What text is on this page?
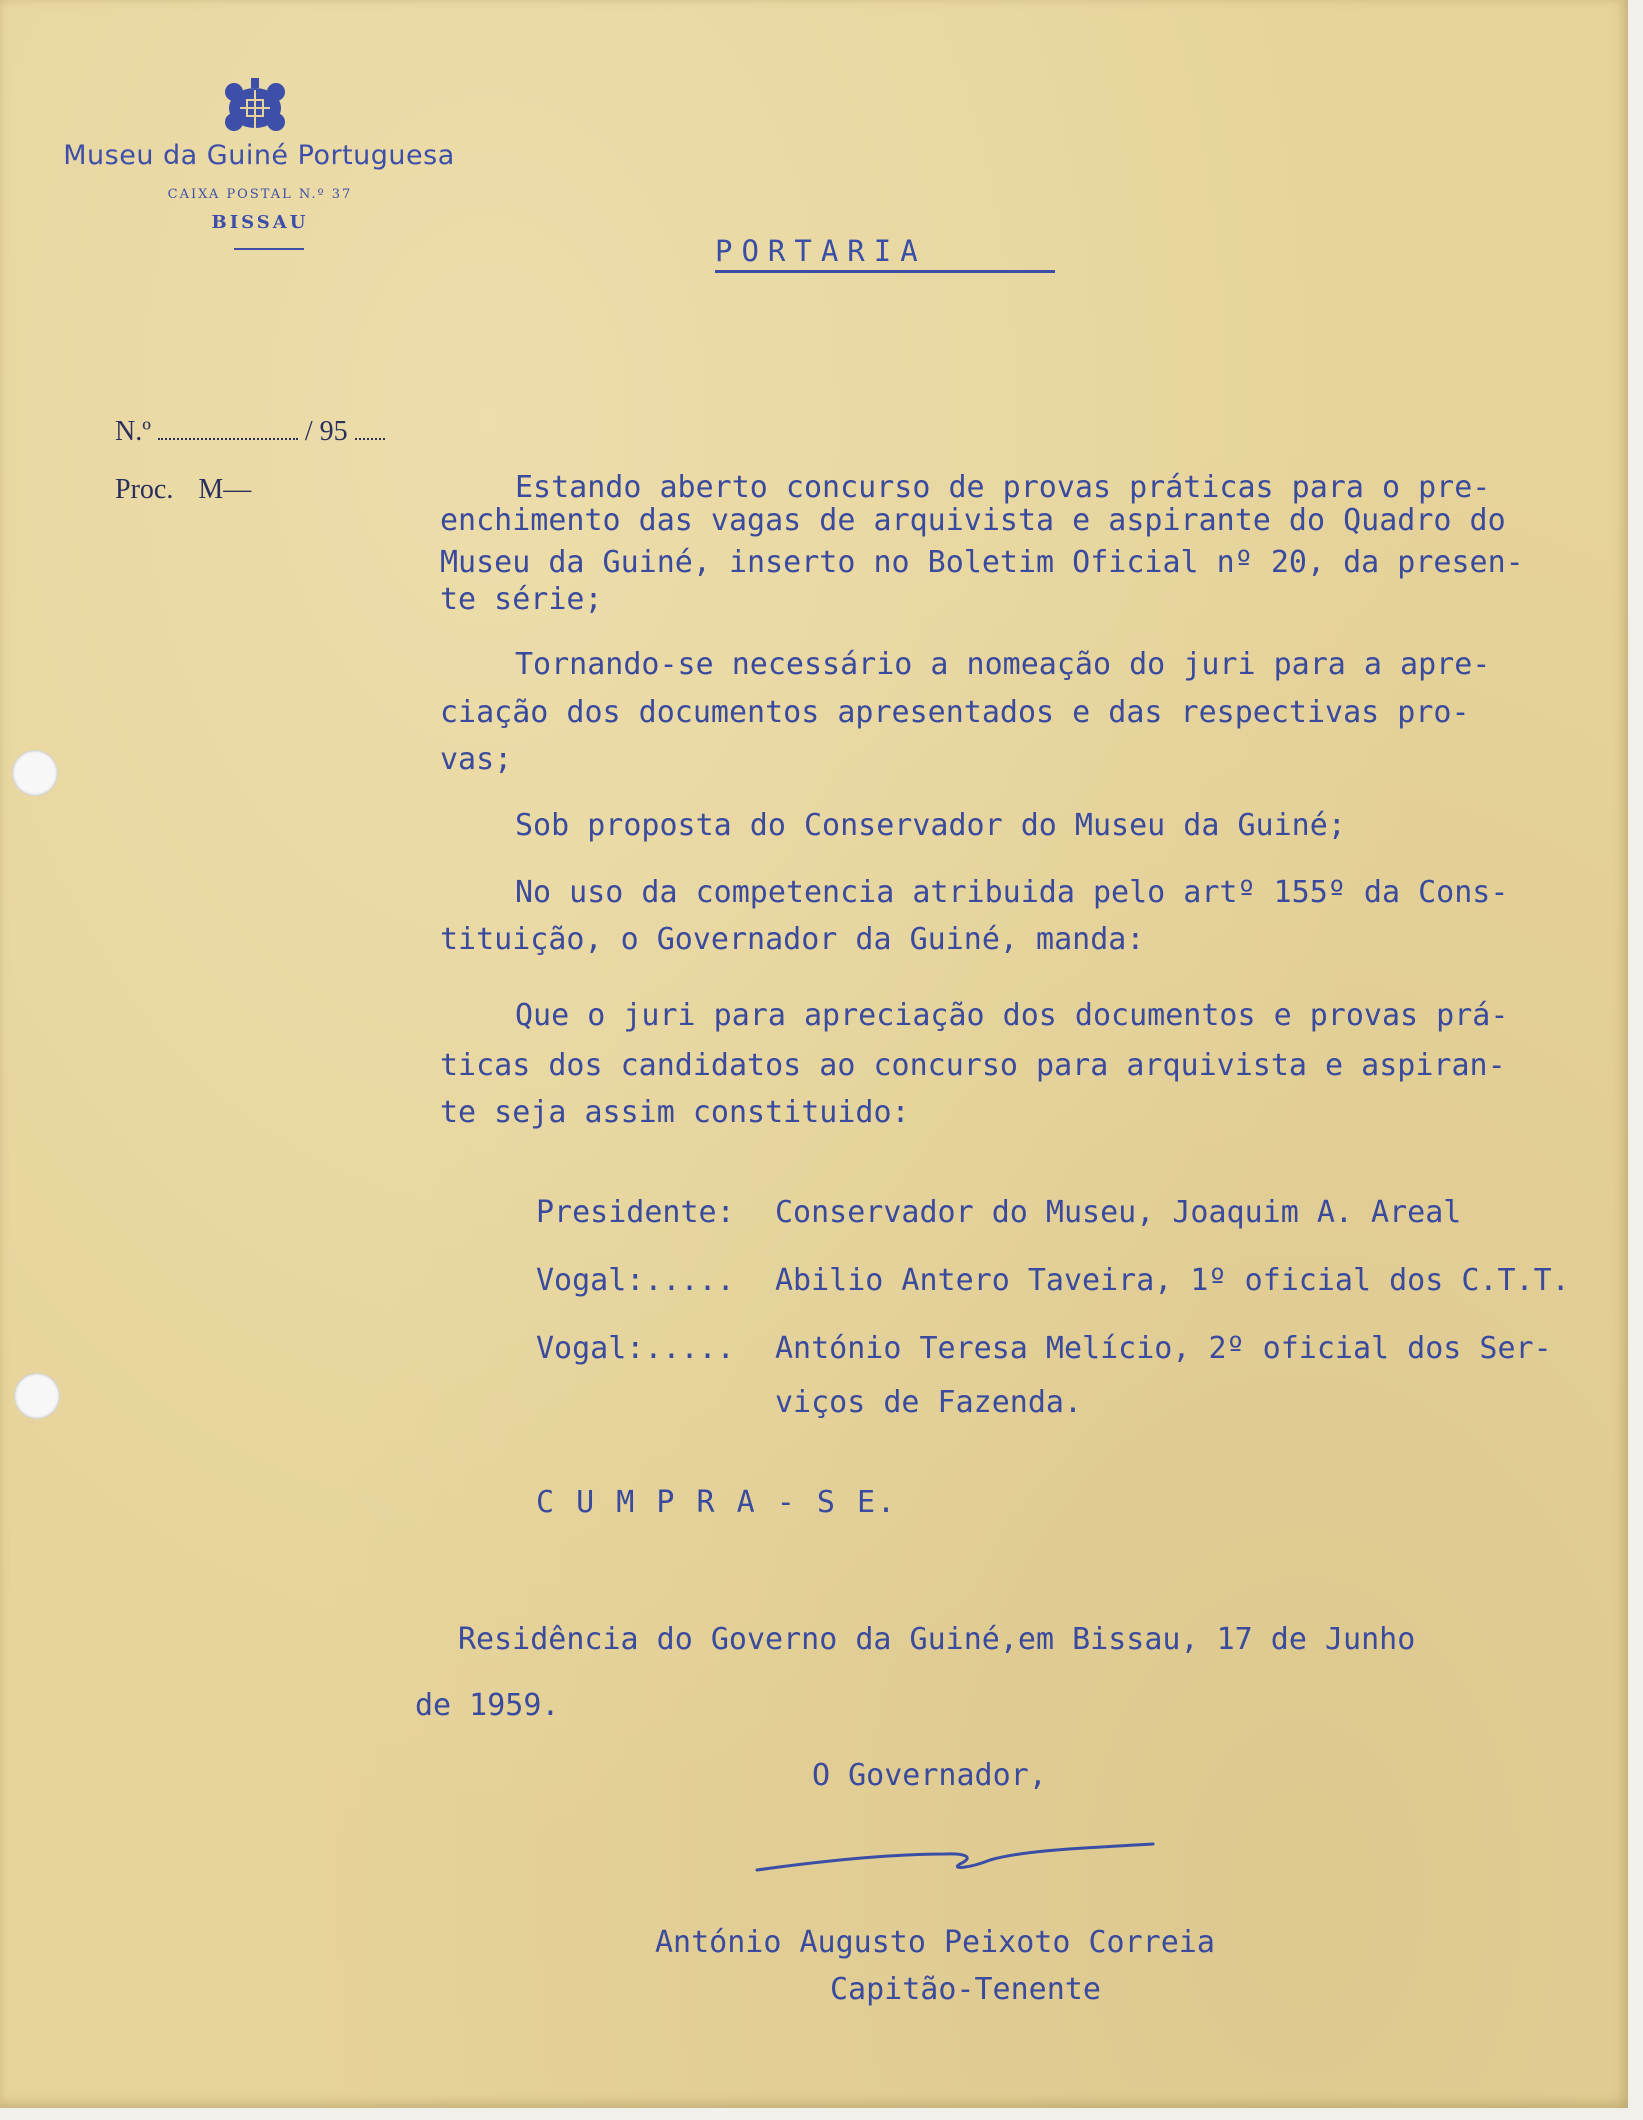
Museu da Guiné Portuguesa
CAIXA POSTAL N.º 37
BISSAU
PORTARIA
N.º	/ 95
Proc. M—	Estando aberto concurso de provas práticas para o pre-
enchimento das vagas de arquivista e aspirante do Quadro do
Museu da Guiné, inserto no Boletim Oficial nº 20, da presen-
te série;
Tornando-se necessário a nomeação do juri para a apre-
ciação dos documentos apresentados e das respectivas pro-
vas;
Sob proposta do Conservador do Museu da Guiné;
No uso da competencia atribuida pelo artº 155º da Cons-
tituição, o Governador da Guiné, manda:
Que o juri para apreciação dos documentos e provas prá-
ticas dos candidatos ao concurso para arquivista e aspiran-
te seja assim constituido:
Presidente: Conservador do Museu, Joaquim A. Areal
Vogal:..... Abilio Antero Taveira, 1º oficial dos C.T.T.
Vogal:..... António Teresa Melício, 2º oficial dos Ser-
viços de Fazenda.
C U M P R A - S E.
Residência do Governo da Guiné,em Bissau, 17 de Junho
de 1959.
O Governador,
António Augusto Peixoto Correia
Capitão-Tenente
